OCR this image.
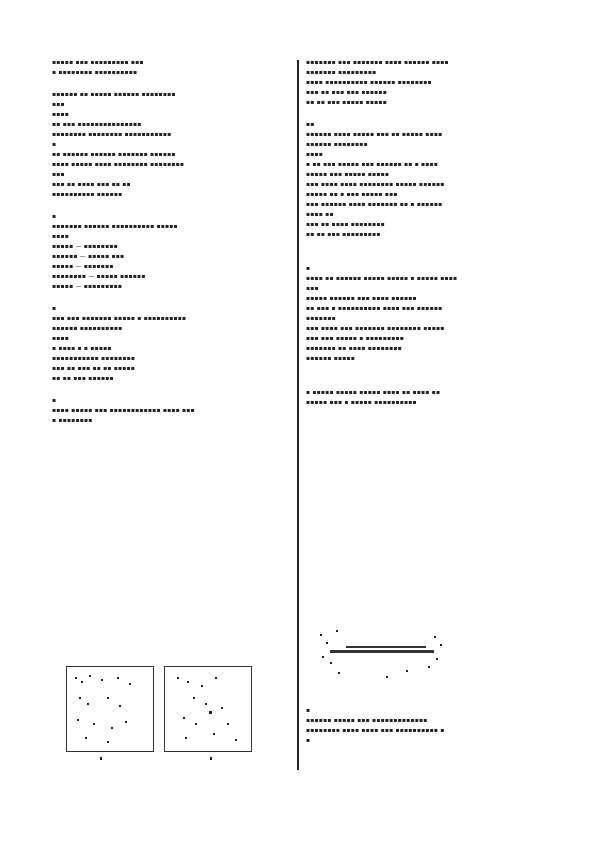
▪▪▪▪▪ ▪▪▪ ▪▪▪▪▪▪▪▪▪ ▪▪▪
▪ ▪▪▪▪▪▪▪▪ ▪▪▪▪▪▪▪▪▪▪
▪▪▪▪▪▪ ▪▪ ▪▪▪▪▪ ▪▪▪▪▪▪ ▪▪▪▪▪▪▪▪
▪▪▪
▪▪▪▪
▪▪ ▪▪▪ ▪▪▪▪▪▪▪▪▪▪▪▪▪▪▪
▪▪▪▪▪▪▪▪ ▪▪▪▪▪▪▪▪ ▪▪▪▪▪▪▪▪▪▪▪
▪
▪▪ ▪▪▪▪▪▪ ▪▪▪▪▪▪ ▪▪▪▪▪▪▪ ▪▪▪▪▪▪
▪▪▪▪ ▪▪▪▪▪ ▪▪▪▪ ▪▪▪▪▪▪▪▪ ▪▪▪▪▪▪▪▪
▪▪▪
▪▪▪ ▪▪ ▪▪▪▪ ▪▪▪ ▪▪ ▪▪
▪▪▪▪▪▪▪▪▪▪ ▪▪▪▪▪▪
▪
▪▪▪▪▪▪▪ ▪▪▪▪▪▪ ▪▪▪▪▪▪▪▪▪▪ ▪▪▪▪▪
▪▪▪▪
▪▪▪▪▪ — ▪▪▪▪▪▪▪▪
▪▪▪▪▪▪ — ▪▪▪▪▪ ▪▪▪
▪▪▪▪▪ — ▪▪▪▪▪▪▪
▪▪▪▪▪▪▪▪ — ▪▪▪▪▪ ▪▪▪▪▪▪
▪▪▪▪▪ — ▪▪▪▪▪▪▪▪▪
▪
▪▪▪ ▪▪▪ ▪▪▪▪▪▪▪ ▪▪▪▪▪ ▪ ▪▪▪▪▪▪▪▪▪▪
▪▪▪▪▪▪ ▪▪▪▪▪▪▪▪▪▪
▪▪▪▪
▪ ▪▪▪▪ ▪ ▪ ▪▪▪▪▪
▪▪▪▪▪▪▪▪▪▪▪ ▪▪▪▪▪▪▪▪
▪▪▪ ▪▪ ▪▪▪ ▪▪ ▪▪ ▪▪▪▪▪
▪▪ ▪▪ ▪▪▪ ▪▪▪▪▪▪
▪
▪▪▪▪ ▪▪▪▪▪ ▪▪▪ ▪▪▪▪▪▪▪▪▪▪▪▪ ▪▪▪▪ ▪▪▪
▪ ▪▪▪▪▪▪▪▪
▪▪▪▪▪▪▪ ▪▪▪ ▪▪▪▪▪▪▪ ▪▪▪▪ ▪▪▪▪▪▪ ▪▪▪▪
▪▪▪▪▪▪▪ ▪▪▪▪▪▪▪▪▪
▪▪▪▪ ▪▪▪▪▪▪▪▪▪▪ ▪▪▪▪▪▪ ▪▪▪▪▪▪▪▪
▪▪▪ ▪▪ ▪▪▪ ▪▪▪ ▪▪▪▪▪▪
▪▪ ▪▪ ▪▪▪ ▪▪▪▪▪ ▪▪▪▪▪
▪▪
▪▪▪▪▪▪ ▪▪▪▪ ▪▪▪▪▪ ▪▪▪ ▪▪ ▪▪▪▪▪ ▪▪▪▪
▪▪▪▪▪▪ ▪▪▪▪▪▪▪▪
▪▪▪▪
▪ ▪▪ ▪▪▪ ▪▪▪▪▪ ▪▪▪ ▪▪▪▪▪▪ ▪▪ ▪ ▪▪▪▪
▪▪▪▪▪ ▪▪▪ ▪▪▪▪▪ ▪▪▪▪▪
▪▪▪ ▪▪▪▪ ▪▪▪▪ ▪▪▪▪▪▪▪▪ ▪▪▪▪▪ ▪▪▪▪▪▪
▪▪▪▪▪ ▪▪ ▪ ▪▪▪ ▪▪▪▪▪ ▪▪▪
▪▪▪ ▪▪▪▪▪▪ ▪▪▪▪ ▪▪▪▪▪▪▪ ▪▪ ▪ ▪▪▪▪▪▪
▪▪▪▪ ▪▪
▪▪▪ ▪▪ ▪▪▪▪ ▪▪▪▪▪▪▪▪
▪▪ ▪▪ ▪▪▪ ▪▪▪▪▪▪▪▪▪
▪
▪▪▪▪ ▪▪ ▪▪▪▪▪▪ ▪▪▪▪▪ ▪▪▪▪▪ ▪ ▪▪▪▪▪ ▪▪▪▪
▪▪▪
▪▪▪▪▪ ▪▪▪▪▪▪ ▪▪▪ ▪▪▪▪ ▪▪▪▪▪▪
▪▪ ▪▪▪ ▪ ▪▪▪▪▪▪▪▪▪▪ ▪▪▪▪ ▪▪▪ ▪▪▪▪▪▪
▪▪▪▪▪▪▪
▪▪▪ ▪▪▪▪ ▪▪▪ ▪▪▪▪▪▪▪ ▪▪▪▪▪▪▪▪ ▪▪▪▪▪
▪▪▪ ▪▪▪ ▪▪▪▪▪ ▪ ▪▪▪▪▪▪▪▪▪
▪▪▪▪▪▪▪ ▪▪ ▪▪▪▪ ▪▪▪▪▪▪▪▪
▪▪▪▪▪▪ ▪▪▪▪▪
▪ ▪▪▪▪▪ ▪▪▪▪▪ ▪▪▪▪▪ ▪▪▪▪ ▪▪ ▪▪▪▪ ▪▪
▪▪▪▪▪ ▪▪▪ ▪ ▪▪▪▪▪ ▪▪▪▪▪▪▪▪▪▪
▪
▪▪▪▪▪▪ ▪▪▪▪▪ ▪▪▪ ▪▪▪▪▪▪▪▪▪▪▪▪▪
▪▪▪▪▪▪▪▪ ▪▪▪▪ ▪▪▪▪ ▪▪▪ ▪▪▪▪▪▪▪▪▪▪ ▪
▪
